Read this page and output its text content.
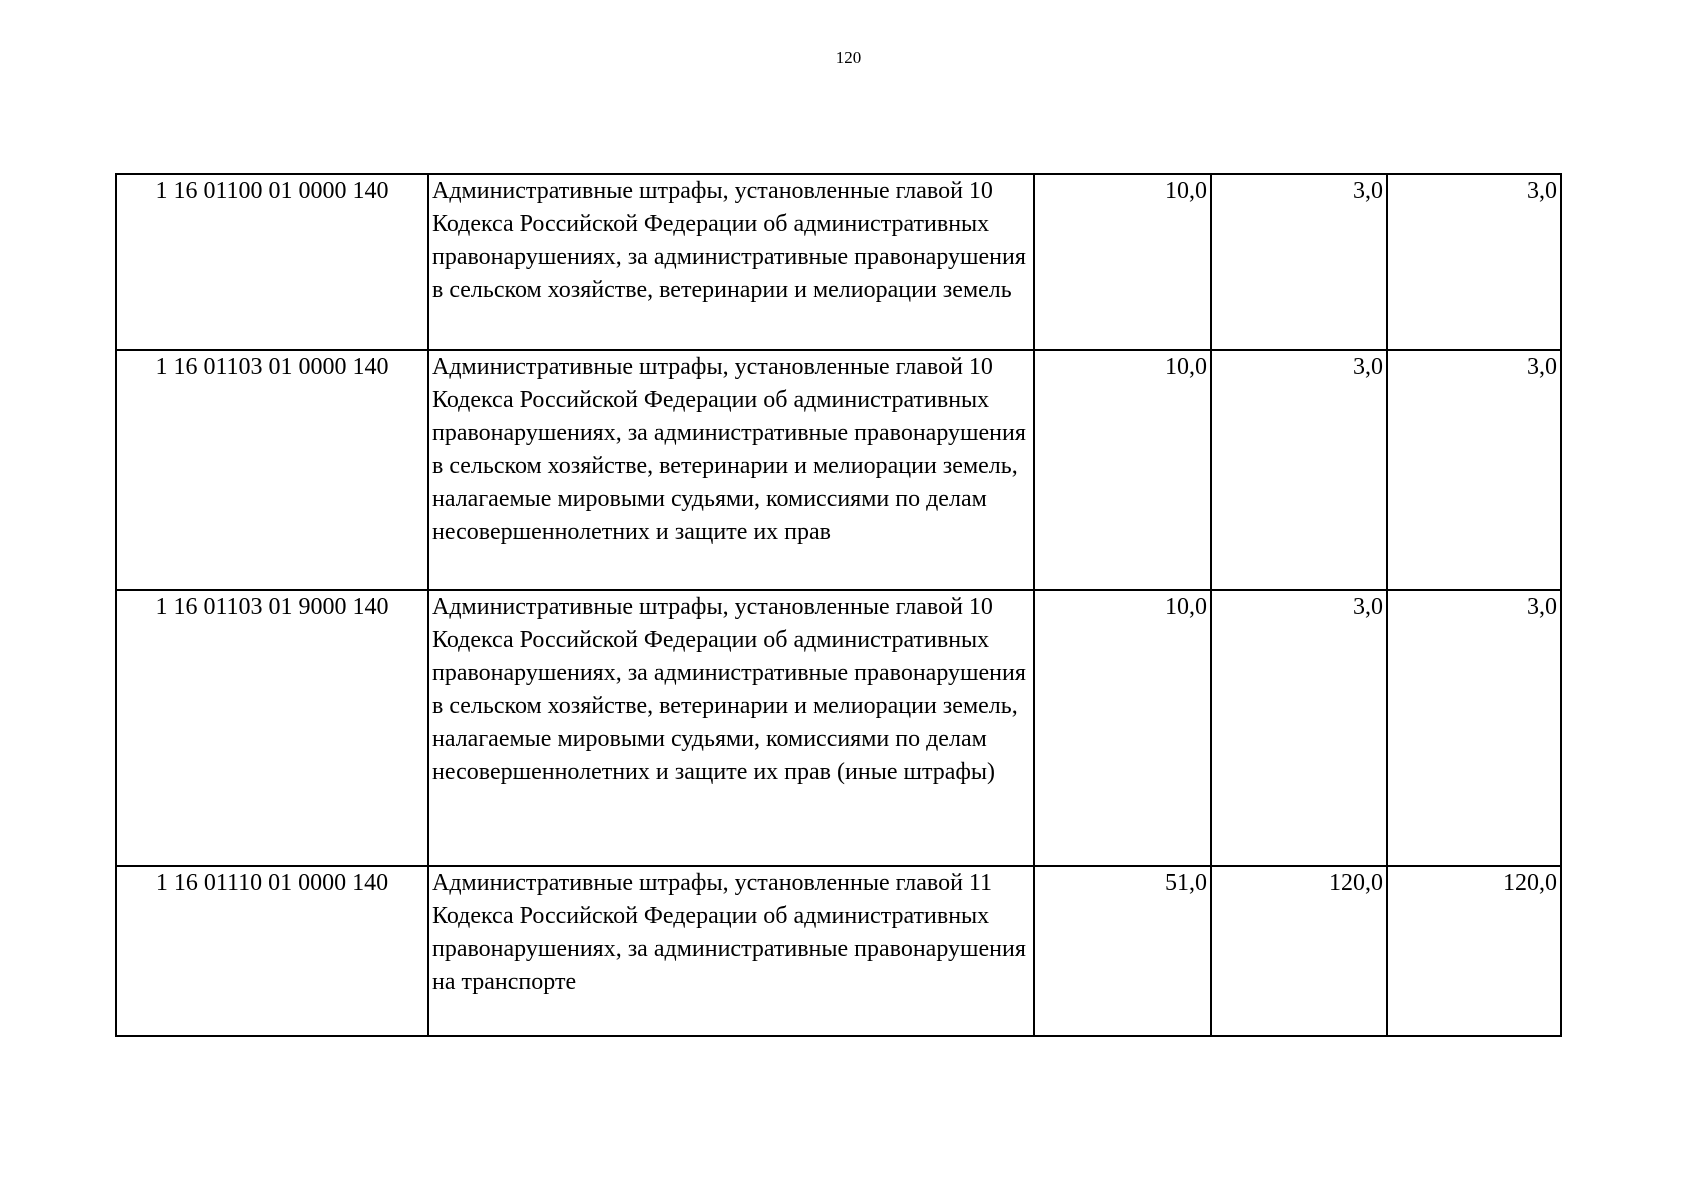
120
1 16 01100 01 0000 140	Административные штрафы, установленные главой 10 Кодекса Российской Федерации об административных правонарушениях, за административные правонарушения в сельском хозяйстве, ветеринарии и мелиорации земель	10,0	3,0	3,0
1 16 01103 01 0000 140	Административные штрафы, установленные главой 10 Кодекса Российской Федерации об административных правонарушениях, за административные правонарушения в сельском хозяйстве, ветеринарии и мелиорации земель, налагаемые мировыми судьями, комиссиями по делам несовершеннолетних и защите их прав	10,0	3,0	3,0
1 16 01103 01 9000 140	Административные штрафы, установленные главой 10 Кодекса Российской Федерации об административных правонарушениях, за административные правонарушения в сельском хозяйстве, ветеринарии и мелиорации земель, налагаемые мировыми судьями, комиссиями по делам несовершеннолетних и защите их прав (иные штрафы)	10,0	3,0	3,0
1 16 01110 01 0000 140	Административные штрафы, установленные главой 11 Кодекса Российской Федерации об административных правонарушениях, за административные правонарушения на транспорте	51,0	120,0	120,0
